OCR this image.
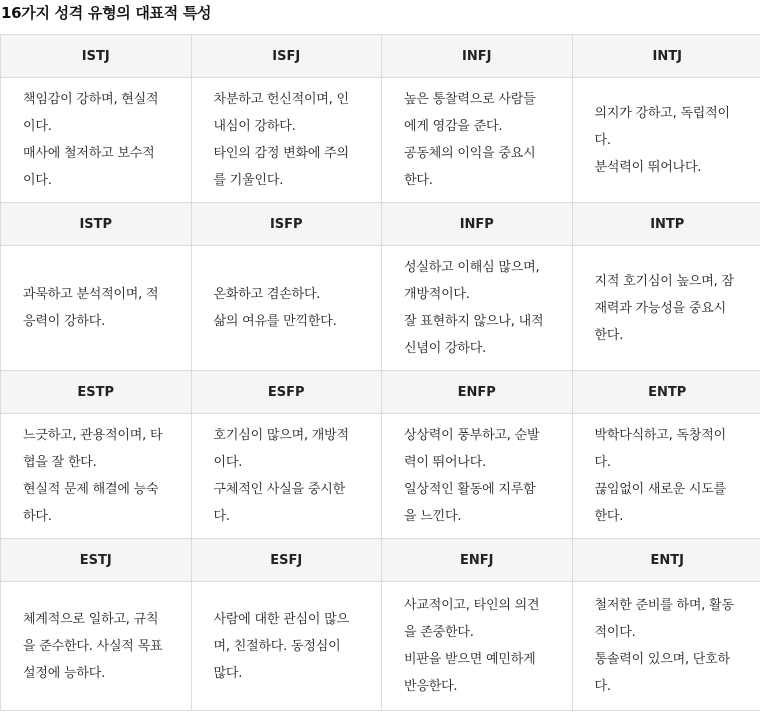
16가지 성격 유형의 대표적 특성
ISTJ	ISFJ	INFJ	INTJ

책임감이 강하며, 현실적
이다.
매사에 철저하고 보수적
이다.	차분하고 헌신적이며, 인
내심이 강하다.
타인의 감정 변화에 주의
를 기울인다.	높은 통찰력으로 사람들
에게 영감을 준다.
공동체의 이익을 중요시
한다.	의지가 강하고, 독립적이
다.
분석력이 뛰어나다.

ISTP	ISFP	INFP	INTP

과묵하고 분석적이며, 적
응력이 강하다.	온화하고 겸손하다.
삶의 여유를 만끽한다.	성실하고 이해심 많으며,
개방적이다.
잘 표현하지 않으나, 내적
신념이 강하다.	지적 호기심이 높으며, 잠
재력과 가능성을 중요시
한다.

ESTP	ESFP	ENFP	ENTP

느긋하고, 관용적이며, 타
협을 잘 한다.
현실적 문제 해결에 능숙
하다.	호기심이 많으며, 개방적
이다.
구체적인 사실을 중시한
다.	상상력이 풍부하고, 순발
력이 뛰어나다.
일상적인 활동에 지루함
을 느낀다.	박학다식하고, 독창적이
다.
끊임없이 새로운 시도를
한다.

ESTJ	ESFJ	ENFJ	ENTJ

체계적으로 일하고, 규칙
을 준수한다. 사실적 목표
설정에 능하다.	사람에 대한 관심이 많으
며, 친절하다. 동정심이
많다.	사교적이고, 타인의 의견
을 존중한다.
비판을 받으면 예민하게
반응한다.	철저한 준비를 하며, 활동
적이다.
통솔력이 있으며, 단호하
다.
